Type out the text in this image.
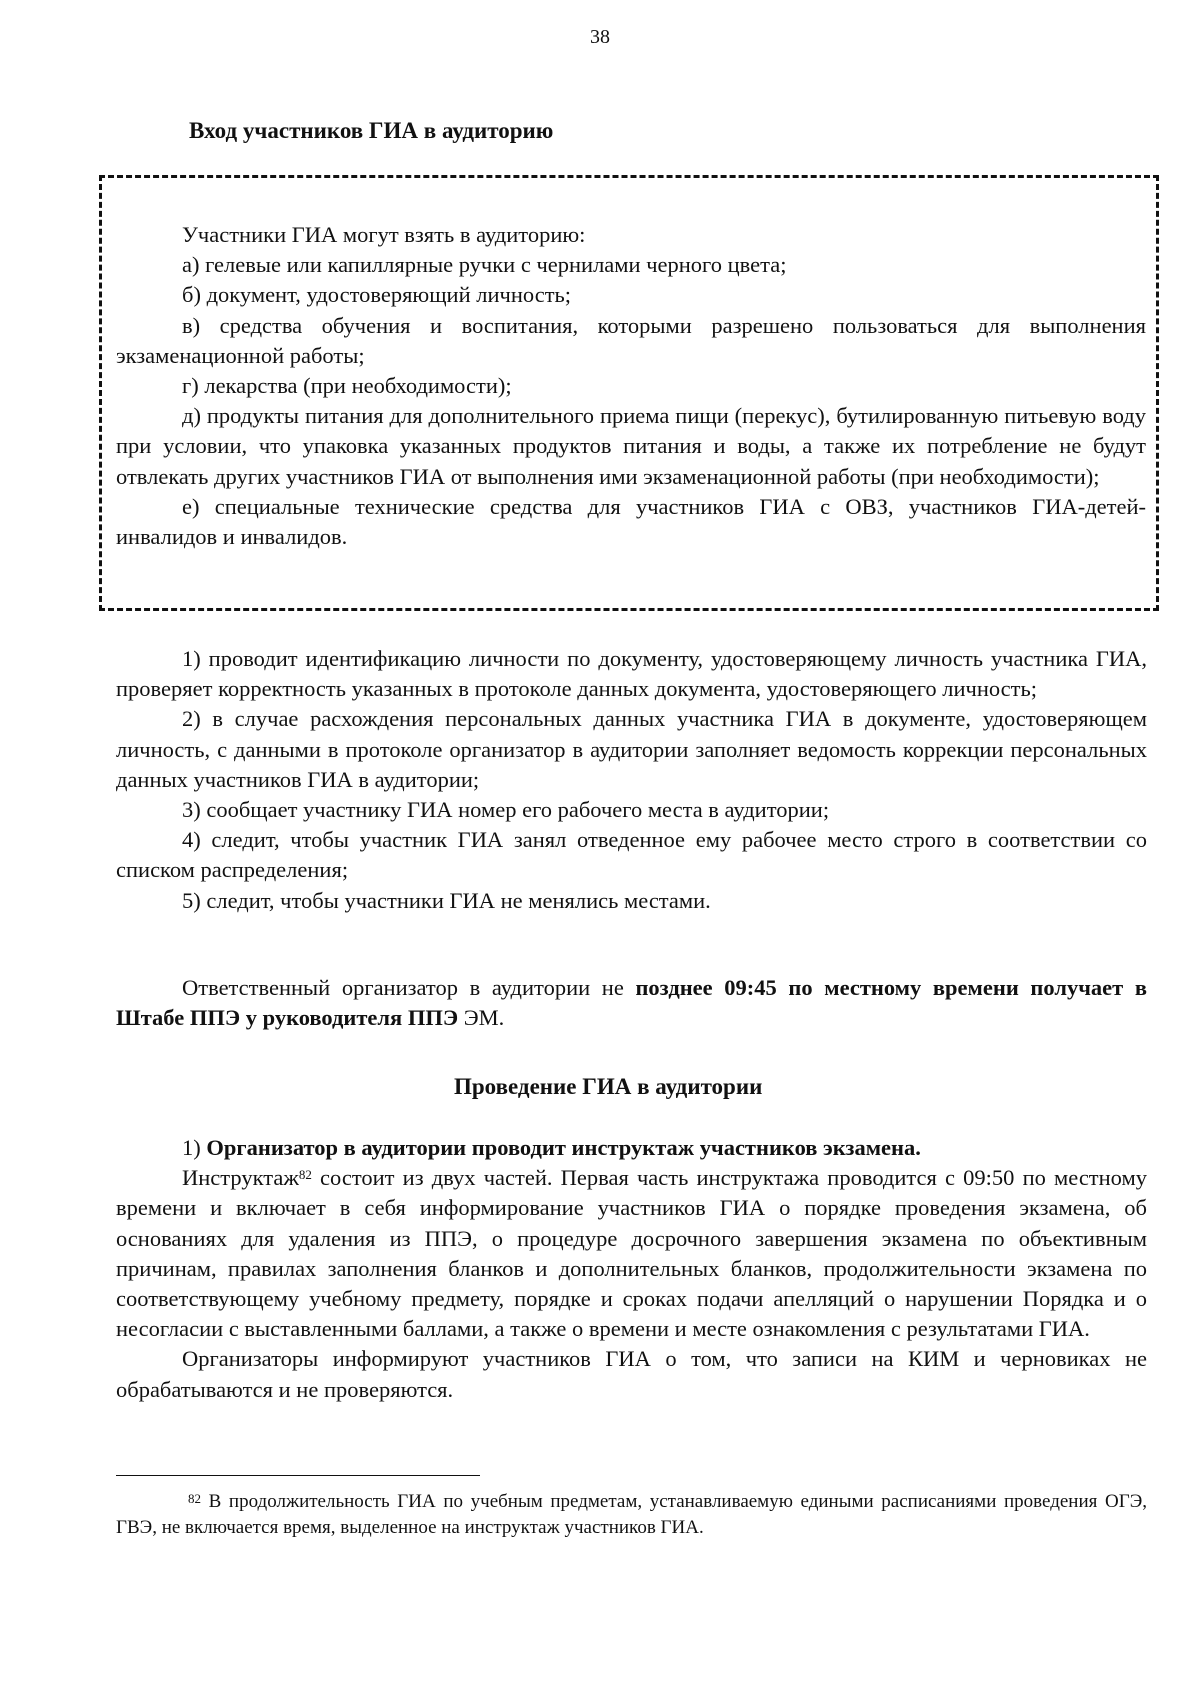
38
Вход участников ГИА в аудиторию

Участники ГИА могут взять в аудиторию:

а) гелевые или капиллярные ручки с чернилами черного цвета;

б) документ, удостоверяющий личность;

в) средства обучения и воспитания, которыми разрешено пользоваться для выполнения экзаменационной работы;

г) лекарства (при необходимости);

д) продукты питания для дополнительного приема пищи (перекус), бутилированную питьевую воду при условии, что упаковка указанных продуктов питания и воды, а также их потребление не будут отвлекать других участников ГИА от выполнения ими экзаменационной работы (при необходимости);

е) специальные технические средства для участников ГИА с ОВЗ, участников ГИА-детей-инвалидов и инвалидов.

1) проводит идентификацию личности по документу, удостоверяющему личность участника ГИА, проверяет корректность указанных в протоколе данных документа, удостоверяющего личность;

2) в случае расхождения персональных данных участника ГИА в документе, удостоверяющем личность, с данными в протоколе организатор в аудитории заполняет ведомость коррекции персональных данных участников ГИА в аудитории;

3) сообщает участнику ГИА номер его рабочего места в аудитории;

4) следит, чтобы участник ГИА занял отведенное ему рабочее место строго в соответствии со списком распределения;

5) следит, чтобы участники ГИА не менялись местами.

Ответственный организатор в аудитории не позднее 09:45 по местному времени получает в Штабе ППЭ у руководителя ППЭ ЭМ.

Проведение ГИА в аудитории

1) Организатор в аудитории проводит инструктаж участников экзамена.

Инструктаж$^{82}$ состоит из двух частей. Первая часть инструктажа проводится с 09:50 по местному времени и включает в себя информирование участников ГИА о порядке проведения экзамена, об основаниях для удаления из ППЭ, о процедуре досрочного завершения экзамена по объективным причинам, правилах заполнения бланков и дополнительных бланков, продолжительности экзамена по соответствующему учебному предмету, порядке и сроках подачи апелляций о нарушении Порядка и о несогласии с выставленными баллами, а также о времени и месте ознакомления с результатами ГИА.

Организаторы информируют участников ГИА о том, что записи на КИМ и черновиках не обрабатываются и не проверяются.

$^{82}$ В продолжительность ГИА по учебным предметам, устанавливаемую едиными расписаниями проведения ОГЭ, ГВЭ, не включается время, выделенное на инструктаж участников ГИА.
